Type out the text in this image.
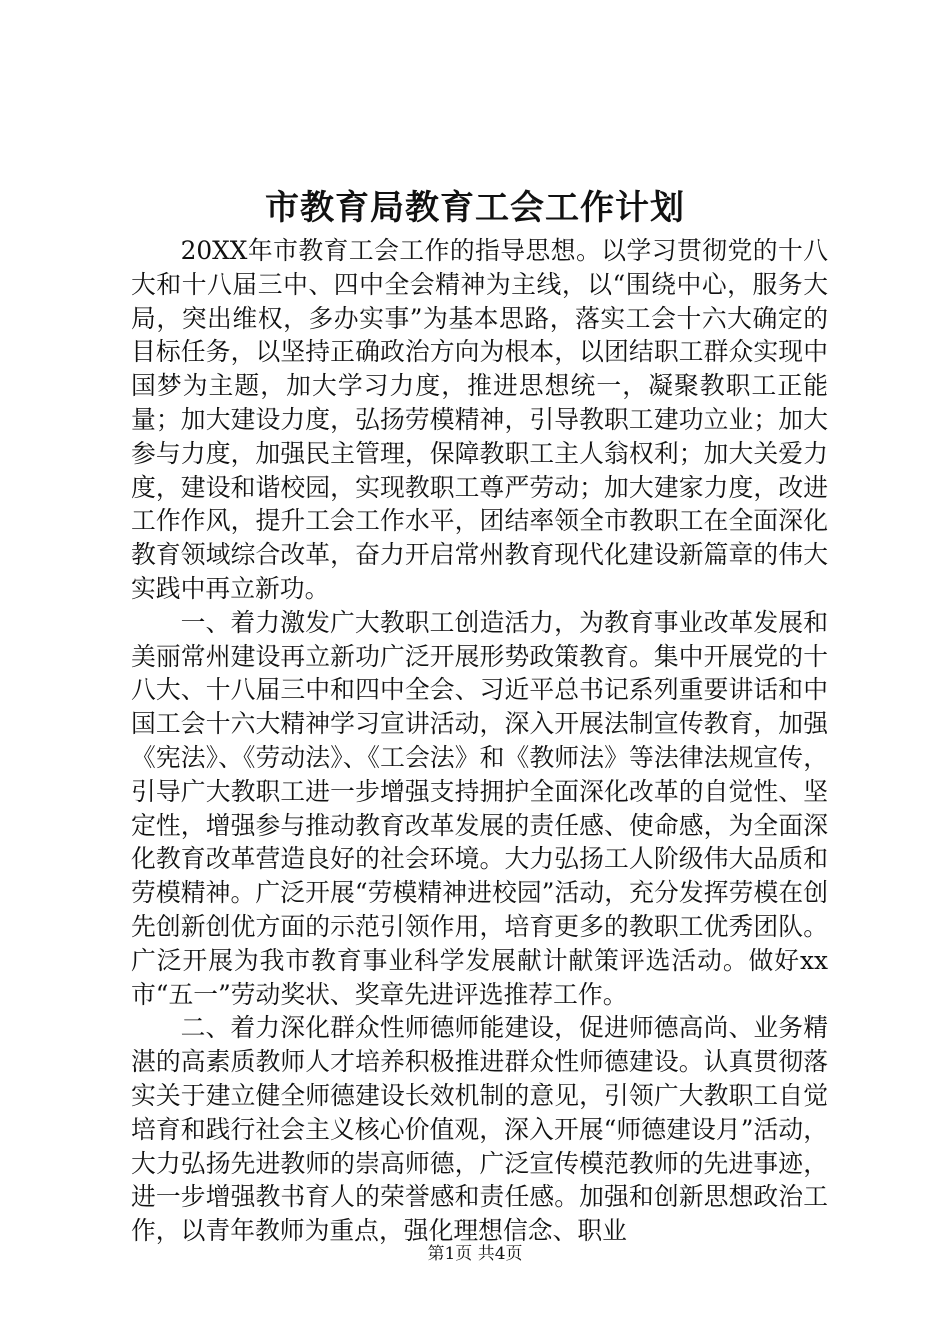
市教育局教育工会工作计划

20XX年市教育工会工作的指导思想。以学习贯彻党的十八大和十八届三中、四中全会精神为主线，以“围绕中心，服务大局，突出维权，多办实事”为基本思路，落实工会十六大确定的目标任务，以坚持正确政治方向为根本，以团结职工群众实现中国梦为主题，加大学习力度，推进思想统一，凝聚教职工正能量；加大建设力度，弘扬劳模精神，引导教职工建功立业；加大参与力度，加强民主管理，保障教职工主人翁权利；加大关爱力度，建设和谐校园，实现教职工尊严劳动；加大建家力度，改进工作作风，提升工会工作水平，团结率领全市教职工在全面深化教育领域综合改革，奋力开启常州教育现代化建设新篇章的伟大实践中再立新功。

一、着力激发广大教职工创造活力，为教育事业改革发展和美丽常州建设再立新功广泛开展形势政策教育。集中开展党的十八大、十八届三中和四中全会、习近平总书记系列重要讲话和中国工会十六大精神学习宣讲活动，深入开展法制宣传教育，加强《宪法》、《劳动法》、《工会法》和《教师法》等法律法规宣传，引导广大教职工进一步增强支持拥护全面深化改革的自觉性、坚定性，增强参与推动教育改革发展的责任感、使命感，为全面深化教育改革营造良好的社会环境。大力弘扬工人阶级伟大品质和劳模精神。广泛开展“劳模精神进校园”活动，充分发挥劳模在创先创新创优方面的示范引领作用，培育更多的教职工优秀团队。广泛开展为我市教育事业科学发展献计献策评选活动。做好xx市“五一”劳动奖状、奖章先进评选推荐工作。

二、着力深化群众性师德师能建设，促进师德高尚、业务精湛的高素质教师人才培养积极推进群众性师德建设。认真贯彻落实关于建立健全师德建设长效机制的意见，引领广大教职工自觉培育和践行社会主义核心价值观，深入开展“师德建设月”活动，大力弘扬先进教师的崇高师德，广泛宣传模范教师的先进事迹，进一步增强教书育人的荣誉感和责任感。加强和创新思想政治工作，以青年教师为重点，强化理想信念、职业

第1页 共4页
